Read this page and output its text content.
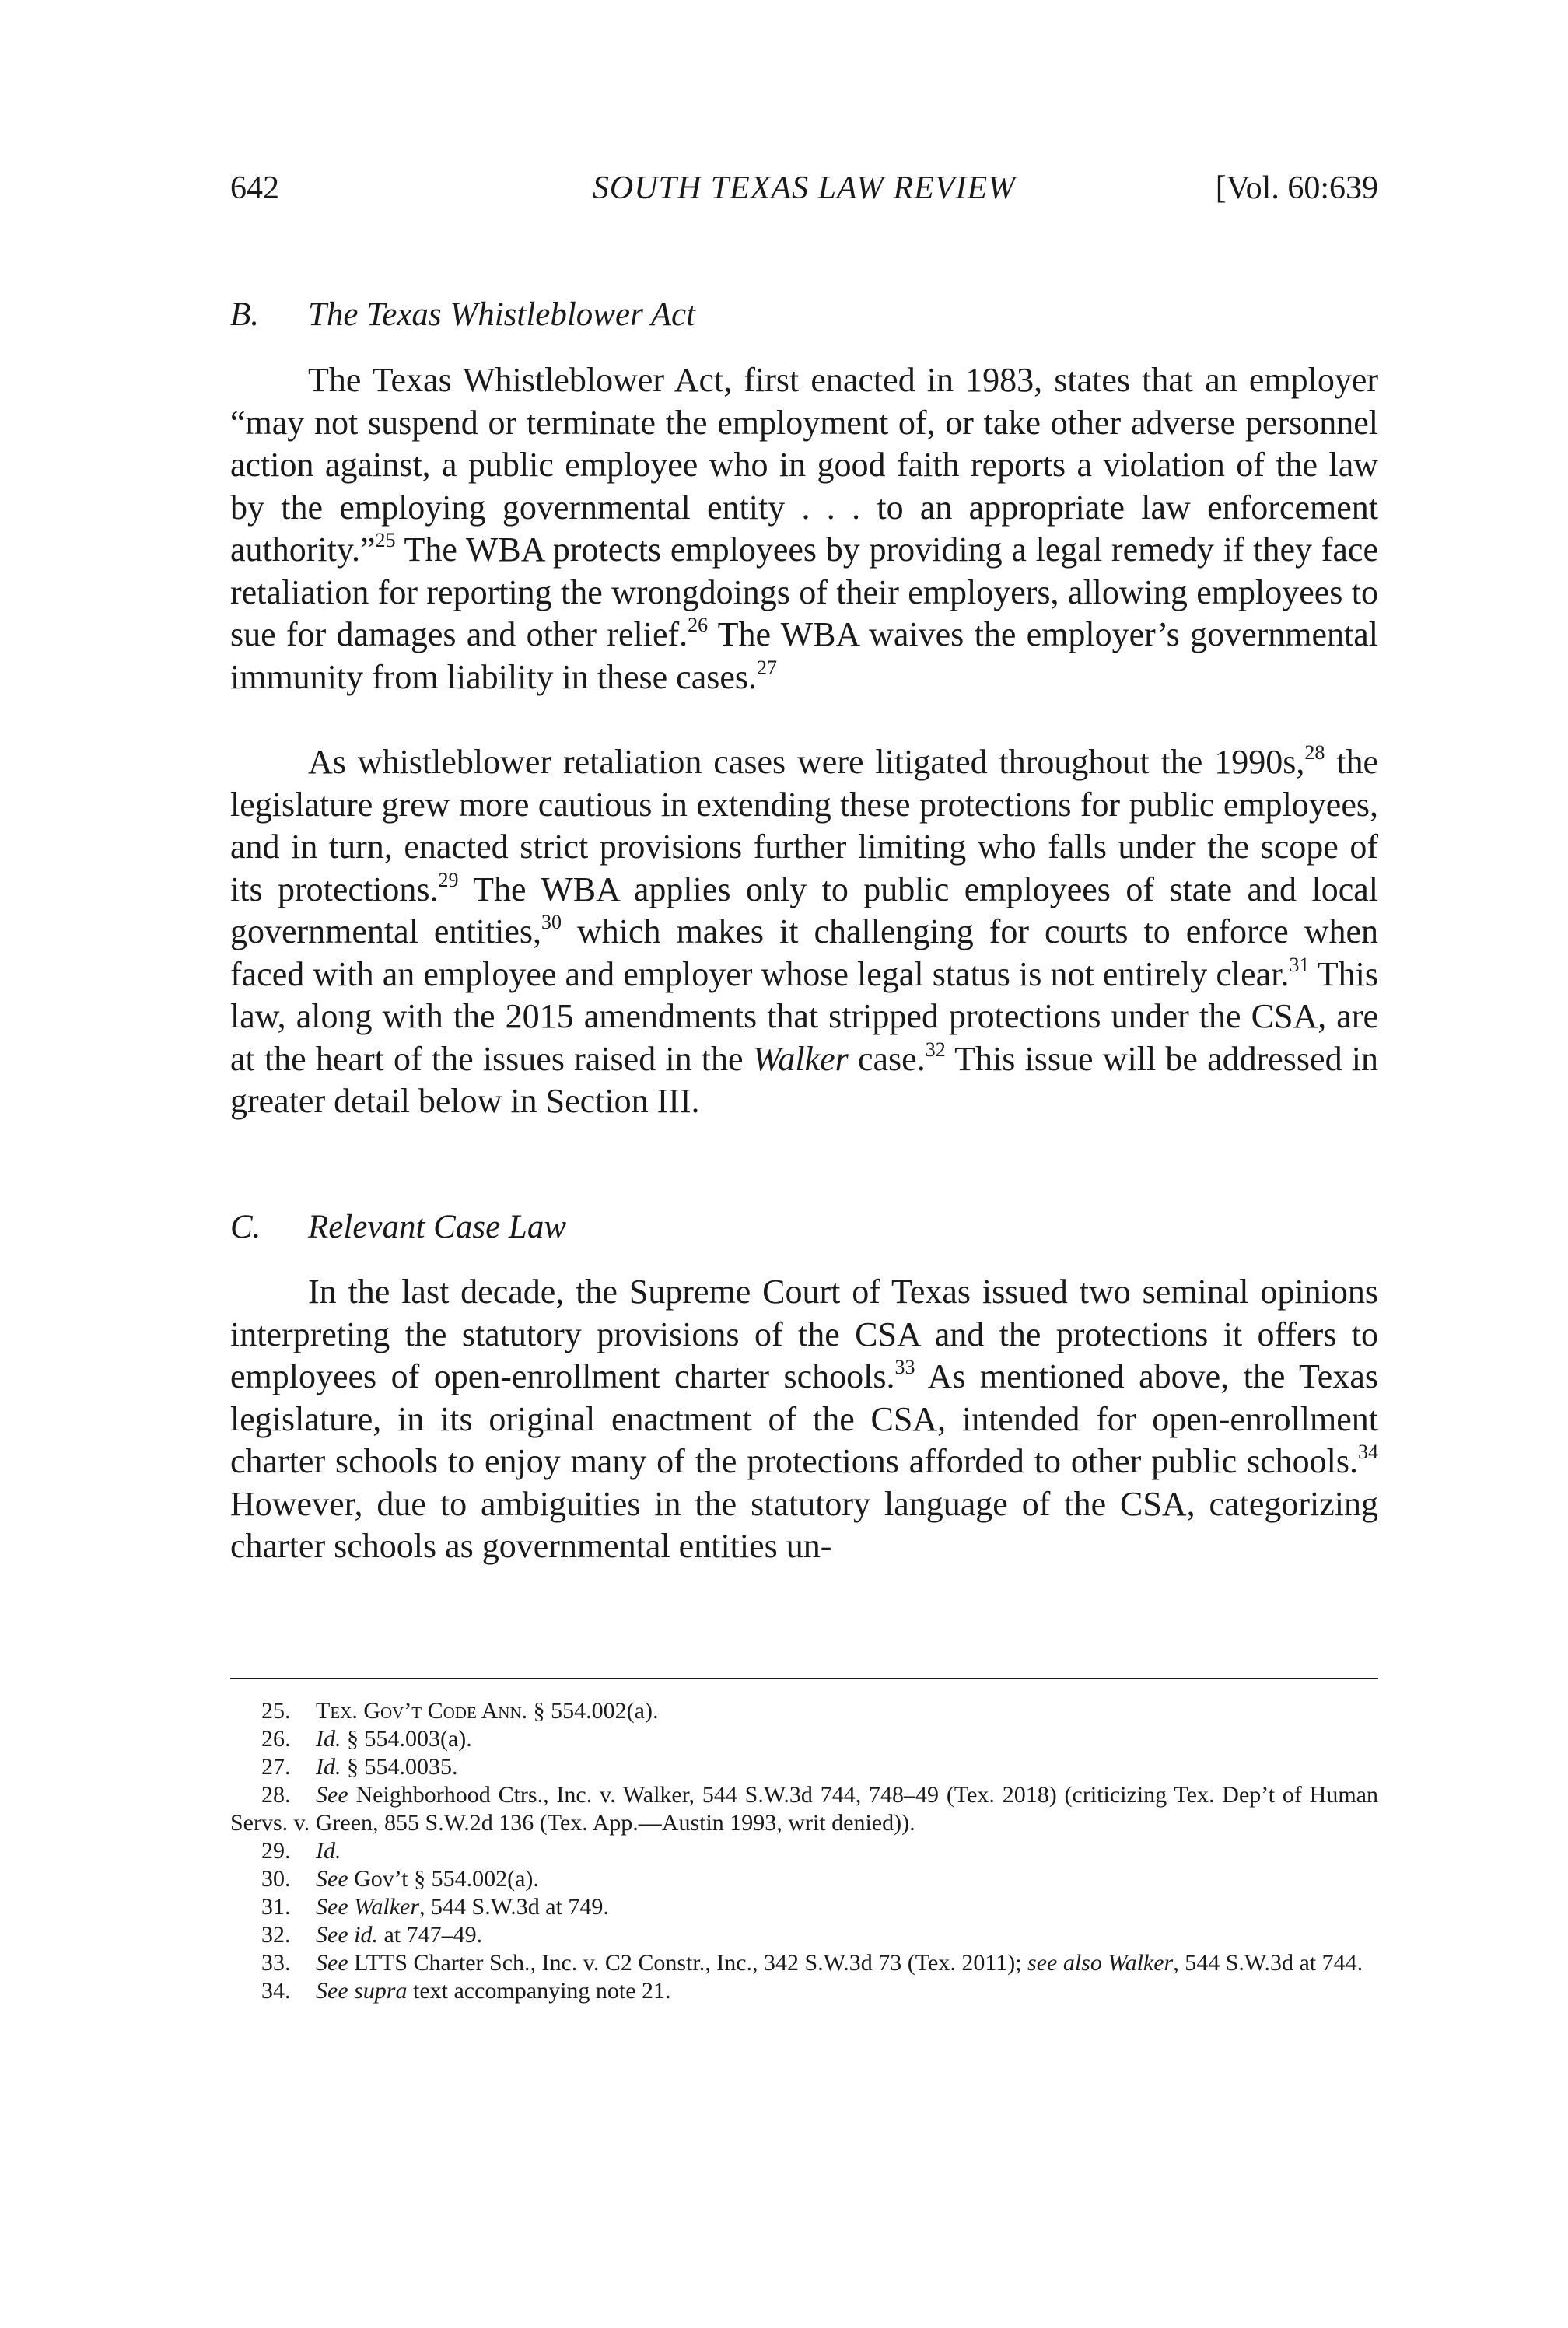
642	SOUTH TEXAS LAW REVIEW	[Vol. 60:639
B. The Texas Whistleblower Act

The Texas Whistleblower Act, first enacted in 1983, states that an employer “may not suspend or terminate the employment of, or take other adverse personnel action against, a public employee who in good faith reports a violation of the law by the employing governmental entity . . . to an appropriate law enforcement authority.”$^{25}$ The WBA protects employees by providing a legal remedy if they face retaliation for reporting the wrongdoings of their employers, allowing employees to sue for damages and other relief.$^{26}$ The WBA waives the employer’s governmental immunity from liability in these cases.$^{27}$

As whistleblower retaliation cases were litigated throughout the 1990s,$^{28}$ the legislature grew more cautious in extending these protections for public employees, and in turn, enacted strict provisions further limiting who falls under the scope of its protections.$^{29}$ The WBA applies only to public employees of state and local governmental entities,$^{30}$ which makes it challenging for courts to enforce when faced with an employee and employer whose legal status is not entirely clear.$^{31}$ This law, along with the 2015 amendments that stripped protections under the CSA, are at the heart of the issues raised in the Walker case.$^{32}$ This issue will be addressed in greater detail below in Section III.

C. Relevant Case Law

In the last decade, the Supreme Court of Texas issued two seminal opinions interpreting the statutory provisions of the CSA and the protections it offers to employees of open-enrollment charter schools.$^{33}$ As mentioned above, the Texas legislature, in its original enactment of the CSA, intended for open-enrollment charter schools to enjoy many of the protections afforded to other public schools.$^{34}$ However, due to ambiguities in the statutory language of the CSA, categorizing charter schools as governmental entities un-

25. Tex. Gov’t Code Ann. § 554.002(a).

26. Id. § 554.003(a).

27. Id. § 554.0035.

28. See Neighborhood Ctrs., Inc. v. Walker, 544 S.W.3d 744, 748–49 (Tex. 2018) (criticizing Tex. Dep’t of Human Servs. v. Green, 855 S.W.2d 136 (Tex. App.—Austin 1993, writ denied)).

29. Id.

30. See Gov’t § 554.002(a).

31. See Walker, 544 S.W.3d at 749.

32. See id. at 747–49.

33. See LTTS Charter Sch., Inc. v. C2 Constr., Inc., 342 S.W.3d 73 (Tex. 2011); see also Walker, 544 S.W.3d at 744.

34. See supra text accompanying note 21.
